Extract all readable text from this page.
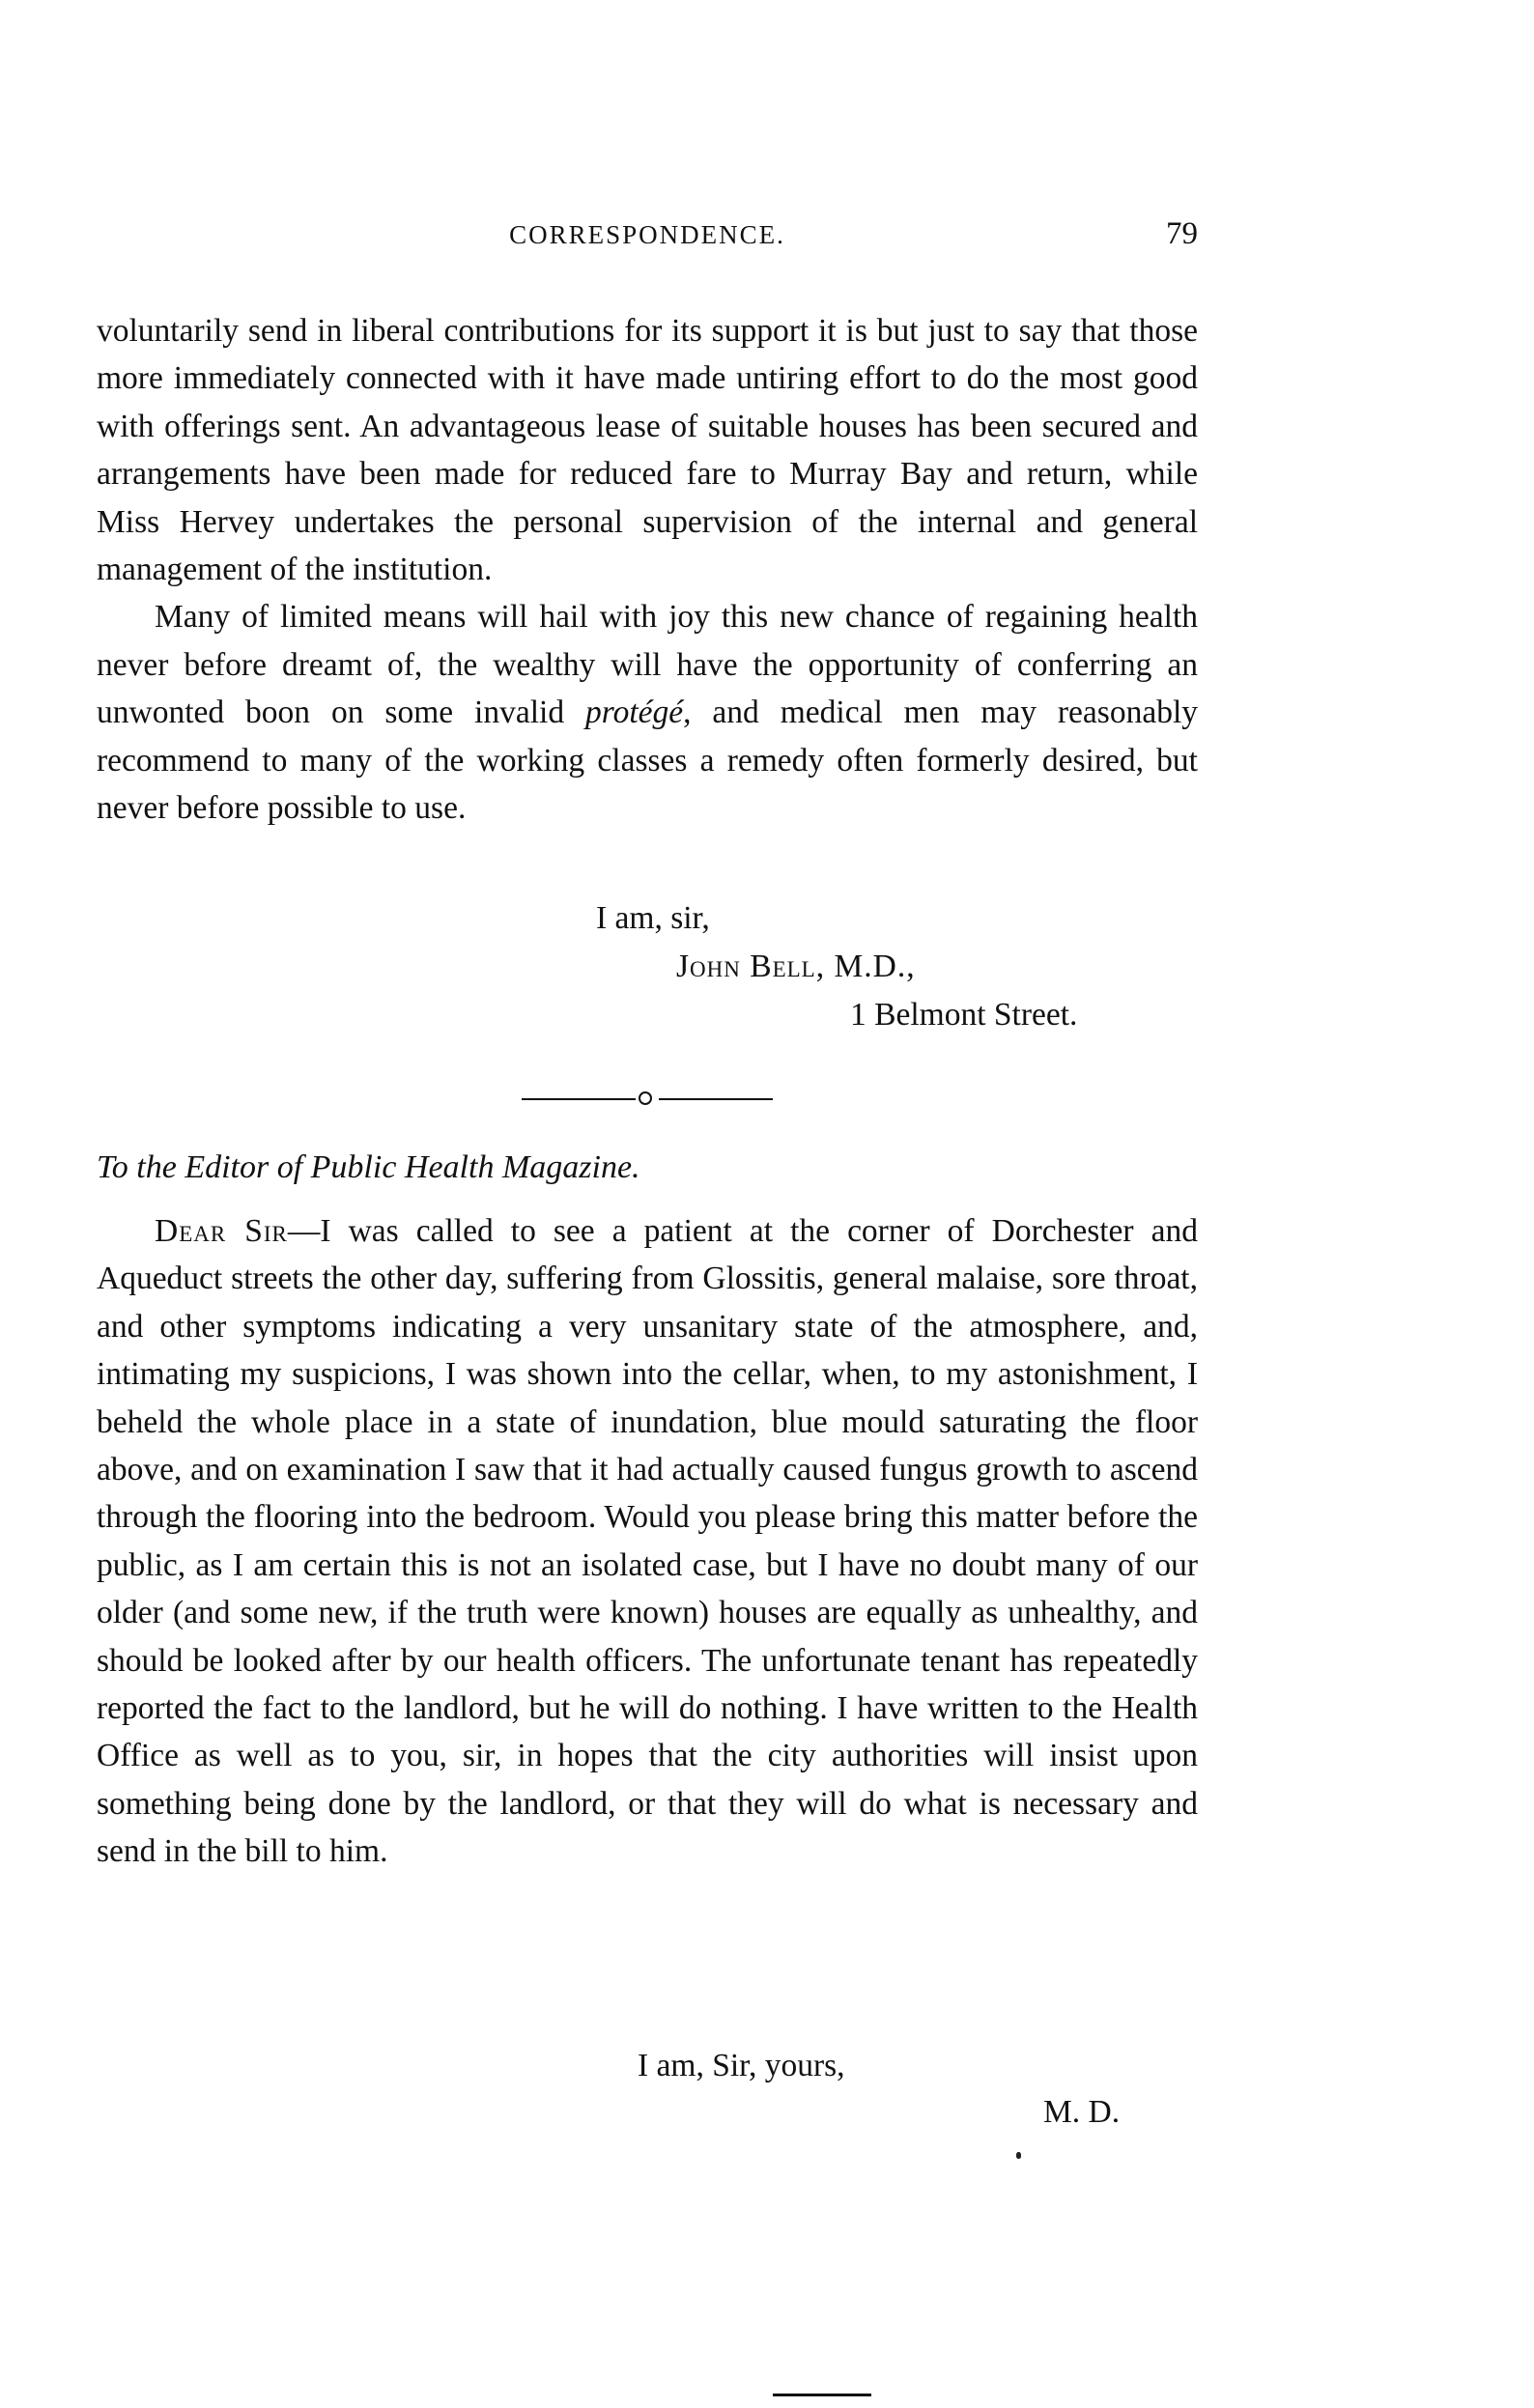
CORRESPONDENCE.	79

voluntarily send in liberal contributions for its support it is but just to say that those more immediately connected with it have made untiring effort to do the most good with offerings sent. An advantageous lease of suitable houses has been secured and arrangements have been made for reduced fare to Murray Bay and return, while Miss Hervey undertakes the personal supervision of the internal and general management of the institution.

Many of limited means will hail with joy this new chance of regaining health never before dreamt of, the wealthy will have the opportunity of conferring an unwonted boon on some invalid protégé, and medical men may reasonably recommend to many of the working classes a remedy often formerly desired, but never before possible to use.

I am, sir,
John Bell, M.D.,
1 Belmont Street.
To the Editor of Public Health Magazine.

Dear Sir—I was called to see a patient at the corner of Dorchester and Aqueduct streets the other day, suffering from Glossitis, general malaise, sore throat, and other symptoms indicating a very unsanitary state of the atmosphere, and, intimating my suspicions, I was shown into the cellar, when, to my astonishment, I beheld the whole place in a state of inundation, blue mould saturating the floor above, and on examination I saw that it had actually caused fungus growth to ascend through the flooring into the bedroom. Would you please bring this matter before the public, as I am certain this is not an isolated case, but I have no doubt many of our older (and some new, if the truth were known) houses are equally as unhealthy, and should be looked after by our health officers. The unfortunate tenant has repeatedly reported the fact to the landlord, but he will do nothing. I have written to the Health Office as well as to you, sir, in hopes that the city authorities will insist upon something being done by the landlord, or that they will do what is necessary and send in the bill to him.

I am, Sir, yours,
M. D.
